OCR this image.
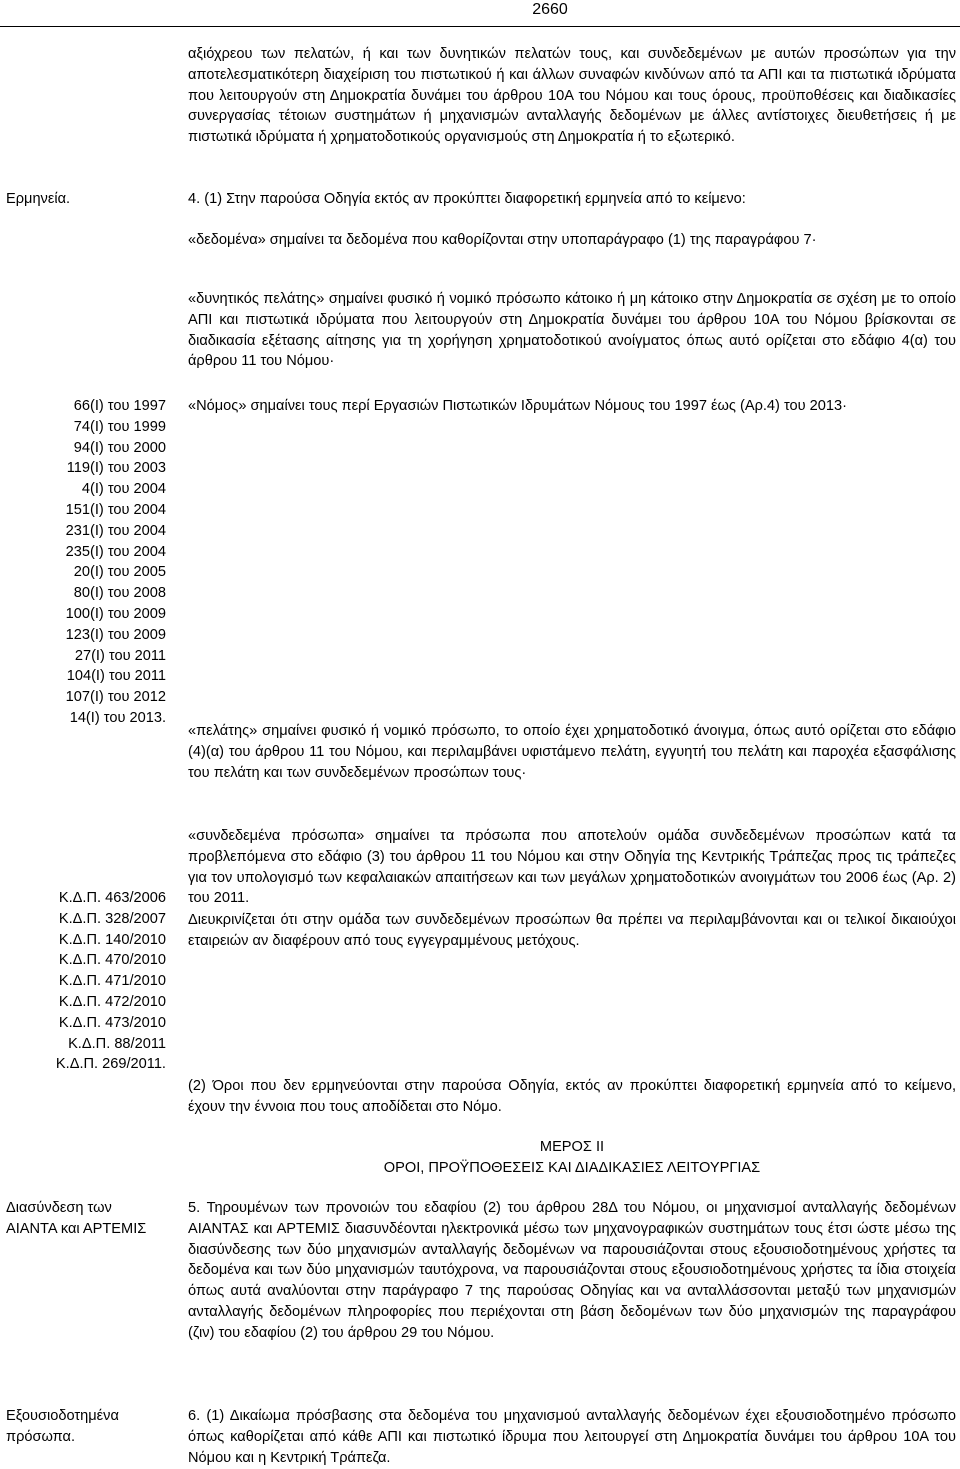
2660

αξιόχρεου των πελατών, ή και των δυνητικών πελατών τους, και συνδεδεμένων με αυτών προσώπων για την αποτελεσματικότερη διαχείριση του πιστωτικού ή και άλλων συναφών κινδύνων από τα ΑΠΙ και τα πιστωτικά ιδρύματα που λειτουργούν στη Δημοκρατία δυνάμει του άρθρου 10Α του Νόμου και τους όρους, προϋποθέσεις και διαδικασίες συνεργασίας τέτοιων συστημάτων ή μηχανισμών ανταλλαγής δεδομένων με άλλες αντίστοιχες διευθετήσεις ή με πιστωτικά ιδρύματα ή χρηματοδοτικούς οργανισμούς στη Δημοκρατία ή το εξωτερικό.

Ερμηνεία.	4. (1) Στην παρούσα Οδηγία εκτός αν προκύπτει διαφορετική ερμηνεία από το κείμενο:
«δεδομένα» σημαίνει τα δεδομένα που καθορίζονται στην υποπαράγραφο (1) της παραγράφου 7·
«δυνητικός πελάτης» σημαίνει φυσικό ή νομικό πρόσωπο κάτοικο ή μη κάτοικο στην Δημοκρατία σε σχέση με το οποίο ΑΠΙ και πιστωτικά ιδρύματα που λειτουργούν στη Δημοκρατία δυνάμει του άρθρου 10Α του Νόμου βρίσκονται σε διαδικασία εξέτασης αίτησης για τη χορήγηση χρηματοδοτικού ανοίγματος όπως αυτό ορίζεται στο εδάφιο 4(α) του άρθρου 11 του Νόμου·
«Νόμος» σημαίνει τους περί Εργασιών Πιστωτικών Ιδρυμάτων Νόμους του 1997 έως (Αρ.4) του 2013·
66(I) του 1997
74(I) του 1999
94(I) του 2000
119(I) του 2003
4(I) του 2004
151(I) του 2004
231(I) του 2004
235(I) του 2004
20(I) του 2005
80(I) του 2008
100(I) του 2009
123(I) του 2009
27(I) του 2011
104(I) του 2011
107(I) του 2012
14(I) του 2013.
«πελάτης» σημαίνει φυσικό ή νομικό πρόσωπο, το οποίο έχει χρηματοδοτικό άνοιγμα, όπως αυτό ορίζεται στο εδάφιο (4)(α) του άρθρου 11 του Νόμου, και περιλαμβάνει υφιστάμενο πελάτη, εγγυητή του πελάτη και παροχέα εξασφάλισης του πελάτη και των συνδεδεμένων προσώπων τους·
«συνδεδεμένα πρόσωπα» σημαίνει τα πρόσωπα που αποτελούν ομάδα συνδεδεμένων προσώπων κατά τα προβλεπόμενα στο εδάφιο (3) του άρθρου 11 του Νόμου και στην Οδηγία της Κεντρικής Τράπεζας προς τις τράπεζες για τον υπολογισμό των κεφαλαιακών απαιτήσεων και των μεγάλων χρηματοδοτικών ανοιγμάτων του 2006 έως (Αρ. 2) του 2011.
Διευκρινίζεται ότι στην ομάδα των συνδεδεμένων προσώπων θα πρέπει να περιλαμβάνονται και οι τελικοί δικαιούχοι εταιρειών αν διαφέρουν από τους εγγεγραμμένους μετόχους.
Κ.Δ.Π. 463/2006
Κ.Δ.Π. 328/2007
Κ.Δ.Π. 140/2010
Κ.Δ.Π. 470/2010
Κ.Δ.Π. 471/2010
Κ.Δ.Π. 472/2010
Κ.Δ.Π. 473/2010
Κ.Δ.Π. 88/2011
Κ.Δ.Π. 269/2011.
(2) Όροι που δεν ερμηνεύονται στην παρούσα Οδηγία, εκτός αν προκύπτει διαφορετική ερμηνεία από το κείμενο, έχουν την έννοια που τους αποδίδεται στο Νόμο.
ΜΕΡΟΣ ΙΙ
ΟΡΟΙ, ΠΡΟΫΠΟΘΕΣΕΙΣ ΚΑΙ ΔΙΑΔΙΚΑΣΙΕΣ ΛΕΙΤΟΥΡΓΙΑΣ
Διασύνδεση των ΑΙΑΝΤΑ και ΑΡΤΕΜΙΣ
5. Τηρουμένων των προνοιών του εδαφίου (2) του άρθρου 28Δ του Νόμου, οι μηχανισμοί ανταλλαγής δεδομένων ΑΙΑΝΤΑΣ και ΑΡΤΕΜΙΣ διασυνδέονται ηλεκτρονικά μέσω των μηχανογραφικών συστημάτων τους έτσι ώστε μέσω της διασύνδεσης των δύο μηχανισμών ανταλλαγής δεδομένων να παρουσιάζονται στους εξουσιοδοτημένους χρήστες τα δεδομένα και των δύο μηχανισμών ταυτόχρονα, να παρουσιάζονται στους εξουσιοδοτημένους χρήστες τα ίδια στοιχεία όπως αυτά αναλύονται στην παράγραφο 7 της παρούσας Οδηγίας και να ανταλλάσσονται μεταξύ των μηχανισμών ανταλλαγής δεδομένων πληροφορίες που περιέχονται στη βάση δεδομένων των δύο μηχανισμών της παραγράφου (ζιν) του εδαφίου (2) του άρθρου 29 του Νόμου.
Εξουσιοδοτημένα πρόσωπα.
6. (1) Δικαίωμα πρόσβασης στα δεδομένα του μηχανισμού ανταλλαγής δεδομένων έχει εξουσιοδοτημένο πρόσωπο όπως καθορίζεται από κάθε ΑΠΙ και πιστωτικό ίδρυμα που λειτουργεί στη Δημοκρατία δυνάμει του άρθρου 10Α του Νόμου και η Κεντρική Τράπεζα.
